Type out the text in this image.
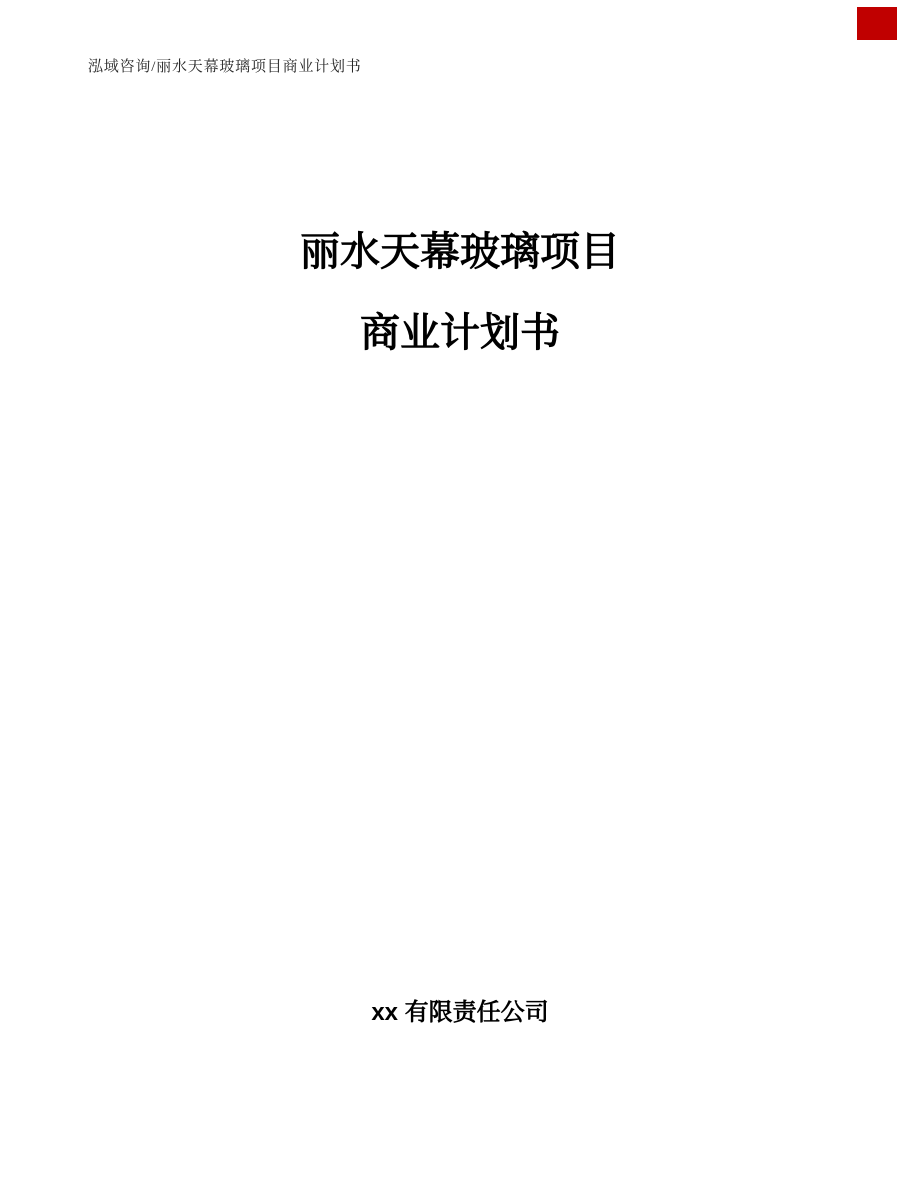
泓域咨询/丽水天幕玻璃项目商业计划书
丽水天幕玻璃项目
商业计划书
xx 有限责任公司
